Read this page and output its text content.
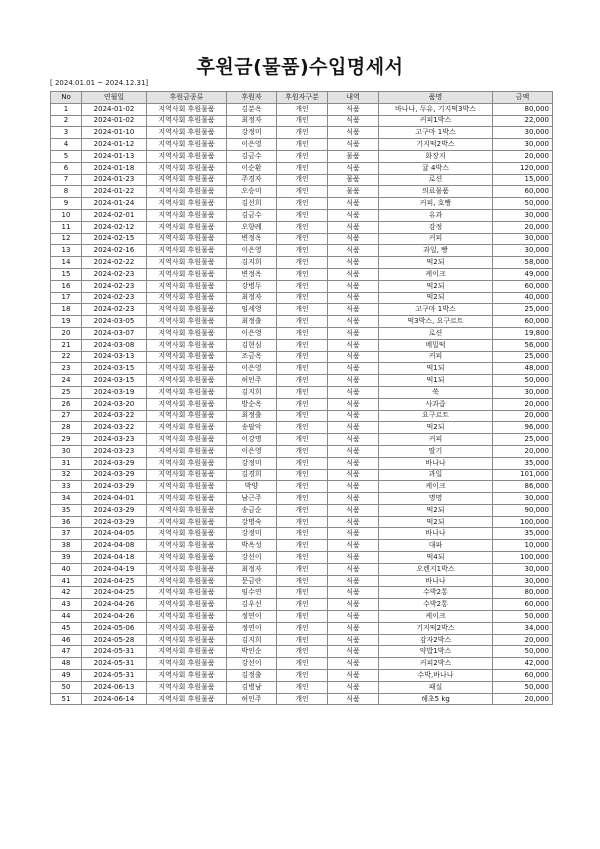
후원금(물품)수입명세서
[ 2024.01.01 ~ 2024.12.31]
No	연월일	후원금종류	후원자	후원자구분	내역	품명	금액
1	2024-01-02	지역사회 후원물품	김분옥	개인	식품	바나나, 두유, 기지떡3박스	80,000
2	2024-01-02	지역사회 후원물품	최정자	개인	식품	커피1박스	22,000
3	2024-01-10	지역사회 후원물품	강정미	개인	식품	고구마 1박스	30,000
4	2024-01-12	지역사회 후원물품	이은영	개인	식품	기지떡2박스	30,000
5	2024-01-13	지역사회 후원물품	김금수	개인	물품	화장지	20,000
6	2024-01-18	지역사회 후원물품	이순환	개인	식품	귤 4박스	120,000
7	2024-01-23	지역사회 후원물품	주경자	개인	물품	로션	15,000
8	2024-01-22	지역사회 후원물품	오승미	개인	물품	의료물품	60,000
9	2024-01-24	지역사회 후원물품	김선희	개인	식품	커피, 호빵	50,000
10	2024-02-01	지역사회 후원물품	김금수	개인	식품	유과	30,000
11	2024-02-12	지역사회 후원물품	오향례	개인	식품	감정	20,000
12	2024-02-15	지역사회 후원물품	변정옥	개인	식품	커피	30,000
13	2024-02-16	지역사회 후원물품	이은영	개인	식품	과일, 빵	30,000
14	2024-02-22	지역사회 후원물품	김지희	개인	식품	떡2되	58,000
15	2024-02-23	지역사회 후원물품	변정옥	개인	식품	케이크	49,000
16	2024-02-23	지역사회 후원물품	강병두	개인	식품	떡2되	60,000
17	2024-02-23	지역사회 후원물품	최정자	개인	식품	떡2되	40,000
18	2024-02-23	지역사회 후원물품	임세영	개인	식품	고구마 1박스	25,000
19	2024-03-05	지역사회 후원물품	최정출	개인	식품	떡3박스, 요구르트	60,000
20	2024-03-07	지역사회 후원물품	이은영	개인	식품	로션	19,800
21	2024-03-08	지역사회 후원물품	김현심	개인	식품	메밀떡	56,000
22	2024-03-13	지역사회 후원물품	조금옥	개인	식품	커피	25,000
23	2024-03-15	지역사회 후원물품	이은영	개인	식품	떡1되	48,000
24	2024-03-15	지역사회 후원물품	허인주	개인	식품	떡1되	50,000
25	2024-03-19	지역사회 후원물품	김지희	개인	식품	쑥	30,000
26	2024-03-20	지역사회 후원물품	방순옥	개인	식품	사과즙	20,000
27	2024-03-22	지역사회 후원물품	최정출	개인	식품	요구르트	20,000
28	2024-03-22	지역사회 후원물품	송팔악	개인	식품	떡2되	96,000
29	2024-03-23	지역사회 후원물품	이강명	개인	식품	커피	25,000
30	2024-03-23	지역사회 후원물품	이은영	개인	식품	딸기	20,000
31	2024-03-29	지역사회 후원물품	강정미	개인	식품	바나나	35,000
32	2024-03-29	지역사회 후원물품	김경희	개인	식품	과일	101,000
33	2024-03-29	지역사회 후원물품	박양	개인	식품	케이크	86,000
34	2024-04-01	지역사회 후원물품	남근주	개인	식품	명명	30,000
35	2024-03-29	지역사회 후원물품	송금순	개인	식품	떡2되	90,000
36	2024-03-29	지역사회 후원물품	강명숙	개인	식품	떡2되	100,000
37	2024-04-05	지역사회 후원물품	강정미	개인	식품	바나나	35,000
38	2024-04-08	지역사회 후원물품	박옥성	개인	식품	대파	10,000
39	2024-04-18	지역사회 후원물품	강선이	개인	식품	떡4되	100,000
40	2024-04-19	지역사회 후원물품	최정자	개인	식품	오렌지1박스	30,000
41	2024-04-25	지역사회 후원물품	문금란	개인	식품	바나나	30,000
42	2024-04-25	지역사회 후원물품	임수연	개인	식품	수박2통	80,000
43	2024-04-26	지역사회 후원물품	김우선	개인	식품	수박2통	60,000
44	2024-04-26	지역사회 후원물품	정연이	개인	식품	케이크	50,000
45	2024-05-06	지역사회 후원물품	정연이	개인	식품	기지떡2박스	34,000
46	2024-05-28	지역사회 후원물품	김지희	개인	식품	감자2박스	20,000
47	2024-05-31	지역사회 후원물품	박인순	개인	식품	약밥1박스	50,000
48	2024-05-31	지역사회 후원물품	강선이	개인	식품	커피2박스	42,000
49	2024-05-31	지역사회 후원물품	김정출	개인	식품	수박,바나나	60,000
50	2024-06-13	지역사회 후원물품	김병남	개인	식품	패실	50,000
51	2024-06-14	지역사회 후원물품	허인주	개인	식품	해초5 kg	20,000
